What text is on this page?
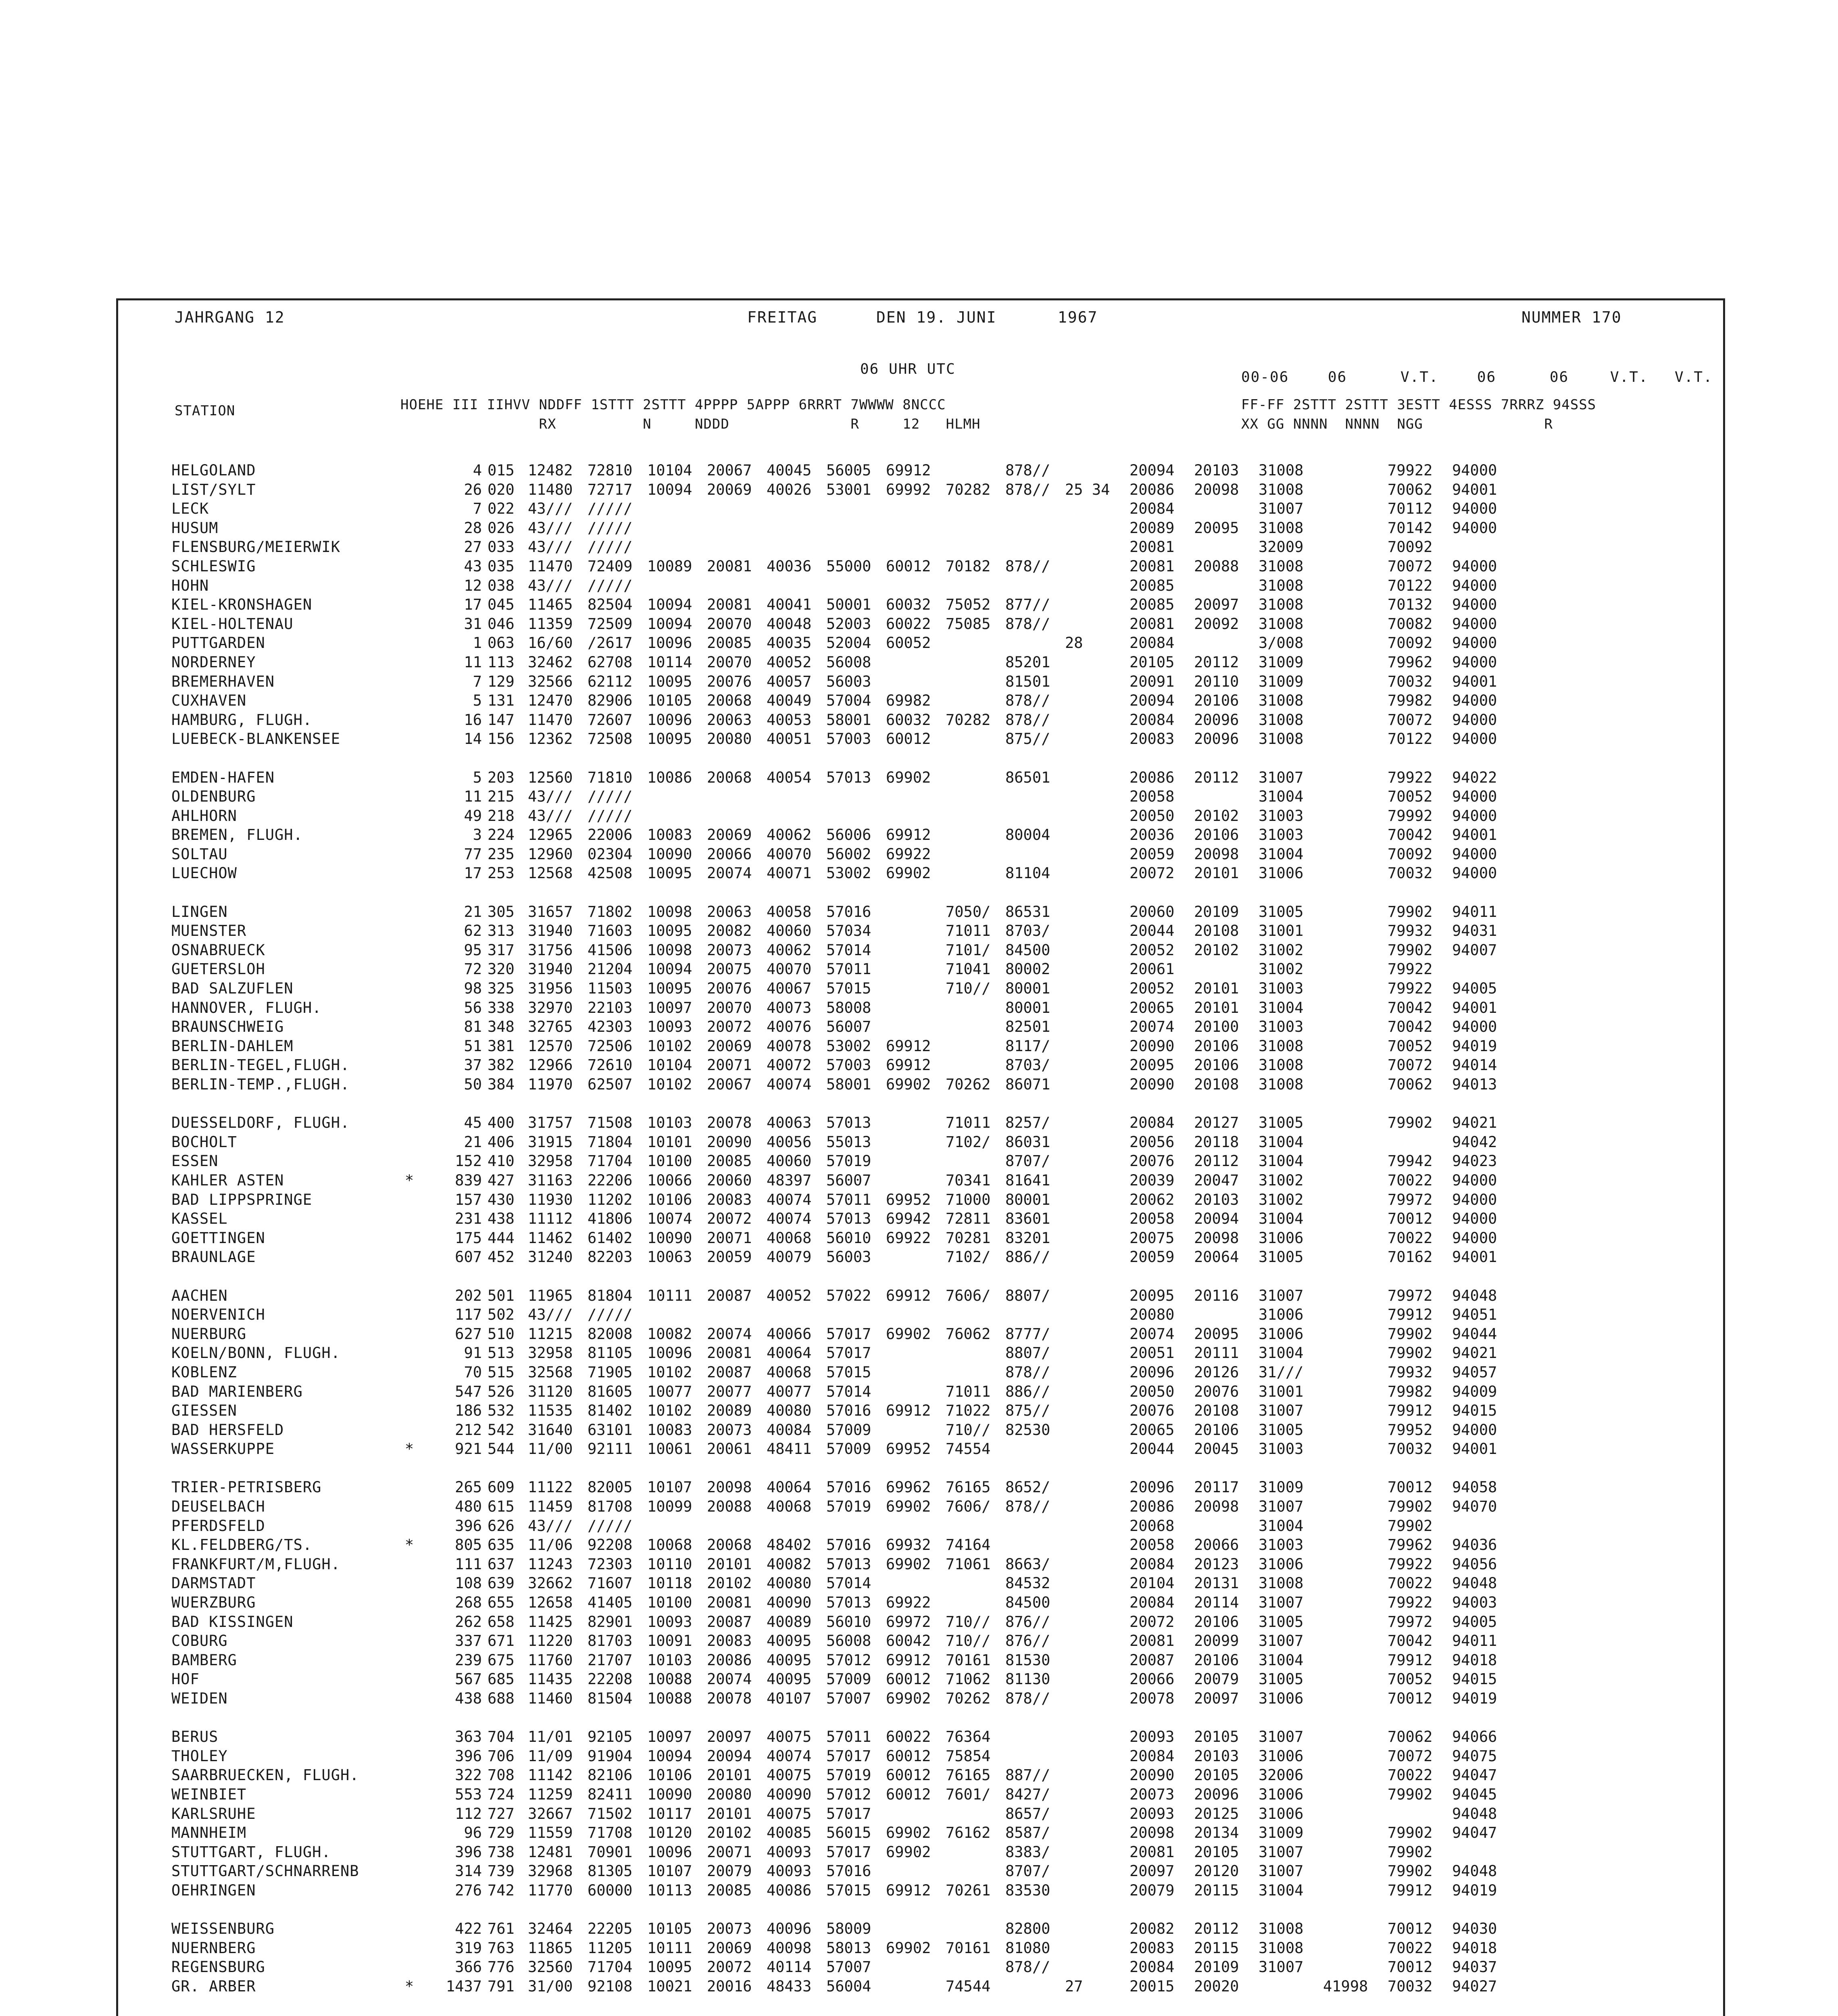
JAHRGANG 12	FREITAG	DEN 19. JUNI	1967	NUMMER 170
06 UHR UTC	00-06	06	V.T.	06	06	V.T. V.T.
STATION	HOEHE III IIHVV NDDFF 1STTT 2STTT 4PPPP 5APPP 6RRRT 7WWWW 8NCCC
RX          N     NDDD              R     12   HLMH
FF-FF 2STTT 2STTT 3ESTT 4ESSS 7RRRZ 94SSS
XX GG NNNN  NNNN  NGG              R
HELGOLAND		4	015	12482	72810	10104	20067	40045	56005	69912		878//		20094	20103	31008		79922	94000
LIST/SYLT		26	020	11480	72717	10094	20069	40026	53001	69992	70282	878//	25 34	20086	20098	31008		70062	94001
LECK		7	022	43///	/////									20084		31007		70112	94000
HUSUM		28	026	43///	/////									20089	20095	31008		70142	94000
FLENSBURG/MEIERWIK		27	033	43///	/////									20081		32009		70092	
SCHLESWIG		43	035	11470	72409	10089	20081	40036	55000	60012	70182	878//		20081	20088	31008		70072	94000
HOHN		12	038	43///	/////									20085		31008		70122	94000
KIEL-KRONSHAGEN		17	045	11465	82504	10094	20081	40041	50001	60032	75052	877//		20085	20097	31008		70132	94000
KIEL-HOLTENAU		31	046	11359	72509	10094	20070	40048	52003	60022	75085	878//		20081	20092	31008		70082	94000
PUTTGARDEN		1	063	16/60	/2617	10096	20085	40035	52004	60052			28	20084		3/008		70092	94000
NORDERNEY		11	113	32462	62708	10114	20070	40052	56008			85201		20105	20112	31009		79962	94000
BREMERHAVEN		7	129	32566	62112	10095	20076	40057	56003			81501		20091	20110	31009		70032	94001
CUXHAVEN		5	131	12470	82906	10105	20068	40049	57004	69982		878//		20094	20106	31008		79982	94000
HAMBURG, FLUGH.		16	147	11470	72607	10096	20063	40053	58001	60032	70282	878//		20084	20096	31008		70072	94000
LUEBECK-BLANKENSEE		14	156	12362	72508	10095	20080	40051	57003	60012		875//		20083	20096	31008		70122	94000

EMDEN-HAFEN		5	203	12560	71810	10086	20068	40054	57013	69902		86501		20086	20112	31007		79922	94022
OLDENBURG		11	215	43///	/////									20058		31004		70052	94000
AHLHORN		49	218	43///	/////									20050	20102	31003		79992	94000
BREMEN, FLUGH.		3	224	12965	22006	10083	20069	40062	56006	69912		80004		20036	20106	31003		70042	94001
SOLTAU		77	235	12960	02304	10090	20066	40070	56002	69922				20059	20098	31004		70092	94000
LUECHOW		17	253	12568	42508	10095	20074	40071	53002	69902		81104		20072	20101	31006		70032	94000

LINGEN		21	305	31657	71802	10098	20063	40058	57016		7050/	86531		20060	20109	31005		79902	94011
MUENSTER		62	313	31940	71603	10095	20082	40060	57034		71011	8703/		20044	20108	31001		79932	94031
OSNABRUECK		95	317	31756	41506	10098	20073	40062	57014		7101/	84500		20052	20102	31002		79902	94007
GUETERSLOH		72	320	31940	21204	10094	20075	40070	57011		71041	80002		20061		31002		79922	
BAD SALZUFLEN		98	325	31956	11503	10095	20076	40067	57015		710//	80001		20052	20101	31003		79922	94005
HANNOVER, FLUGH.		56	338	32970	22103	10097	20070	40073	58008			80001		20065	20101	31004		70042	94001
BRAUNSCHWEIG		81	348	32765	42303	10093	20072	40076	56007			82501		20074	20100	31003		70042	94000
BERLIN-DAHLEM		51	381	12570	72506	10102	20069	40078	53002	69912		8117/		20090	20106	31008		70052	94019
BERLIN-TEGEL,FLUGH.		37	382	12966	72610	10104	20071	40072	57003	69912		8703/		20095	20106	31008		70072	94014
BERLIN-TEMP.,FLUGH.		50	384	11970	62507	10102	20067	40074	58001	69902	70262	86071		20090	20108	31008		70062	94013

DUESSELDORF, FLUGH.		45	400	31757	71508	10103	20078	40063	57013		71011	8257/		20084	20127	31005		79902	94021
BOCHOLT		21	406	31915	71804	10101	20090	40056	55013		7102/	86031		20056	20118	31004			94042
ESSEN		152	410	32958	71704	10100	20085	40060	57019			8707/		20076	20112	31004		79942	94023
KAHLER ASTEN	*	839	427	31163	22206	10066	20060	48397	56007		70341	81641		20039	20047	31002		70022	94000
BAD LIPPSPRINGE		157	430	11930	11202	10106	20083	40074	57011	69952	71000	80001		20062	20103	31002		79972	94000
KASSEL		231	438	11112	41806	10074	20072	40074	57013	69942	72811	83601		20058	20094	31004		70012	94000
GOETTINGEN		175	444	11462	61402	10090	20071	40068	56010	69922	70281	83201		20075	20098	31006		70022	94000
BRAUNLAGE		607	452	31240	82203	10063	20059	40079	56003		7102/	886//		20059	20064	31005		70162	94001

AACHEN		202	501	11965	81804	10111	20087	40052	57022	69912	7606/	8807/		20095	20116	31007		79972	94048
NOERVENICH		117	502	43///	/////									20080		31006		79912	94051
NUERBURG		627	510	11215	82008	10082	20074	40066	57017	69902	76062	8777/		20074	20095	31006		79902	94044
KOELN/BONN, FLUGH.		91	513	32958	81105	10096	20081	40064	57017			8807/		20051	20111	31004		79902	94021
KOBLENZ		70	515	32568	71905	10102	20087	40068	57015			878//		20096	20126	31///		79932	94057
BAD MARIENBERG		547	526	31120	81605	10077	20077	40077	57014		71011	886//		20050	20076	31001		79982	94009
GIESSEN		186	532	11535	81402	10102	20089	40080	57016	69912	71022	875//		20076	20108	31007		79912	94015
BAD HERSFELD		212	542	31640	63101	10083	20073	40084	57009		710//	82530		20065	20106	31005		79952	94000
WASSERKUPPE	*	921	544	11/00	92111	10061	20061	48411	57009	69952	74554			20044	20045	31003		70032	94001

TRIER-PETRISBERG		265	609	11122	82005	10107	20098	40064	57016	69962	76165	8652/		20096	20117	31009		70012	94058
DEUSELBACH		480	615	11459	81708	10099	20088	40068	57019	69902	7606/	878//		20086	20098	31007		79902	94070
PFERDSFELD		396	626	43///	/////									20068		31004		79902	
KL.FELDBERG/TS.	*	805	635	11/06	92208	10068	20068	48402	57016	69932	74164			20058	20066	31003		79962	94036
FRANKFURT/M,FLUGH.		111	637	11243	72303	10110	20101	40082	57013	69902	71061	8663/		20084	20123	31006		79922	94056
DARMSTADT		108	639	32662	71607	10118	20102	40080	57014			84532		20104	20131	31008		70022	94048
WUERZBURG		268	655	12658	41405	10100	20081	40090	57013	69922		84500		20084	20114	31007		79922	94003
BAD KISSINGEN		262	658	11425	82901	10093	20087	40089	56010	69972	710//	876//		20072	20106	31005		79972	94005
COBURG		337	671	11220	81703	10091	20083	40095	56008	60042	710//	876//		20081	20099	31007		70042	94011
BAMBERG		239	675	11760	21707	10103	20086	40095	57012	69912	70161	81530		20087	20106	31004		79912	94018
HOF		567	685	11435	22208	10088	20074	40095	57009	60012	71062	81130		20066	20079	31005		70052	94015
WEIDEN		438	688	11460	81504	10088	20078	40107	57007	69902	70262	878//		20078	20097	31006		70012	94019

BERUS		363	704	11/01	92105	10097	20097	40075	57011	60022	76364			20093	20105	31007		70062	94066
THOLEY		396	706	11/09	91904	10094	20094	40074	57017	60012	75854			20084	20103	31006		70072	94075
SAARBRUECKEN, FLUGH.		322	708	11142	82106	10106	20101	40075	57019	60012	76165	887//		20090	20105	32006		70022	94047
WEINBIET		553	724	11259	82411	10090	20080	40090	57012	60012	7601/	8427/		20073	20096	31006		79902	94045
KARLSRUHE		112	727	32667	71502	10117	20101	40075	57017			8657/		20093	20125	31006			94048
MANNHEIM		96	729	11559	71708	10120	20102	40085	56015	69902	76162	8587/		20098	20134	31009		79902	94047
STUTTGART, FLUGH.		396	738	12481	70901	10096	20071	40093	57017	69902		8383/		20081	20105	31007		79902	
STUTTGART/SCHNARRENB		314	739	32968	81305	10107	20079	40093	57016			8707/		20097	20120	31007		79902	94048
OEHRINGEN		276	742	11770	60000	10113	20085	40086	57015	69912	70261	83530		20079	20115	31004		79912	94019

WEISSENBURG		422	761	32464	22205	10105	20073	40096	58009			82800		20082	20112	31008		70012	94030
NUERNBERG		319	763	11865	11205	10111	20069	40098	58013	69902	70161	81080		20083	20115	31008		70022	94018
REGENSBURG		366	776	32560	71704	10095	20072	40114	57007			878//		20084	20109	31007		70012	94037
GR. ARBER	*	1437	791	31/00	92108	10021	20016	48433	56004		74544		27	20015	20020		41998	70032	94027
